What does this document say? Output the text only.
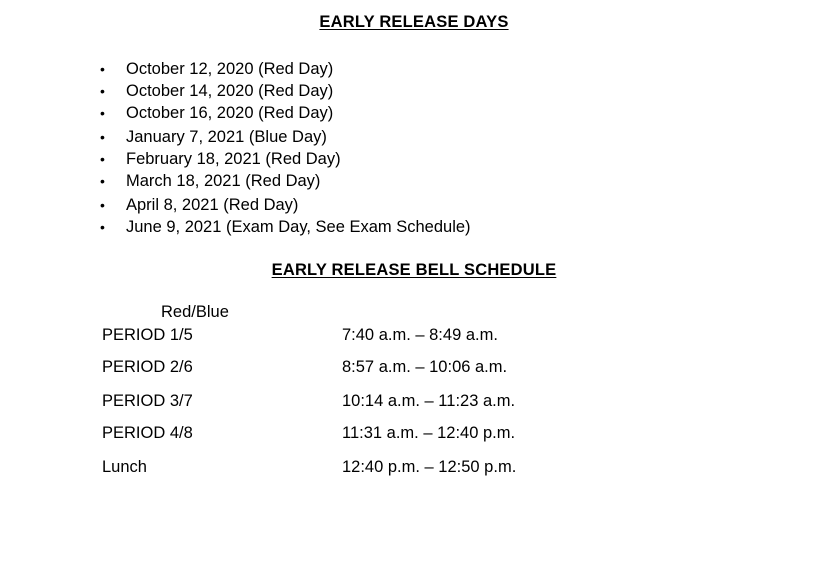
EARLY RELEASE DAYS
•	October 12, 2020 (Red Day)
•	October 14, 2020 (Red Day)
•	October 16, 2020 (Red Day)
•	January 7, 2021 (Blue Day)
•	February 18, 2021 (Red Day)
•	March 18, 2021 (Red Day)
•	April 8, 2021 (Red Day)
•	June 9, 2021 (Exam Day, See Exam Schedule)
EARLY RELEASE BELL SCHEDULE
Red/Blue
PERIOD 1/5	7:40 a.m. – 8:49 a.m.
PERIOD 2/6	8:57 a.m. – 10:06 a.m.
PERIOD 3/7	10:14 a.m. – 11:23 a.m.
PERIOD 4/8	11:31 a.m. – 12:40 p.m.
Lunch	12:40 p.m. – 12:50 p.m.
